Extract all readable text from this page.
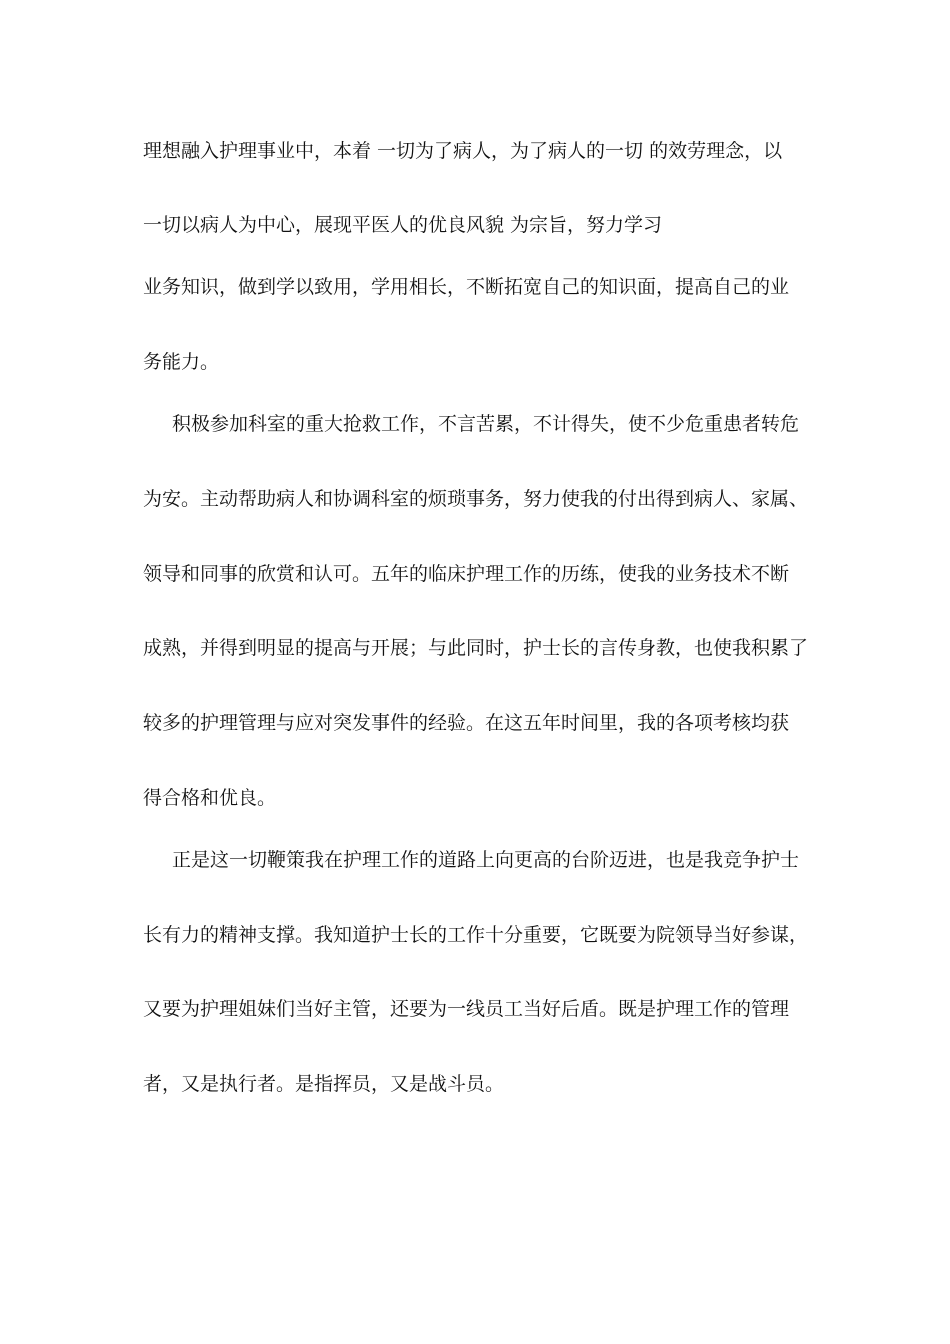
理想融入护理事业中，本着 一切为了病人，为了病人的一切 的效劳理念，以
一切以病人为中心，展现平医人的优良风貌 为宗旨，努力学习
业务知识，做到学以致用，学用相长，不断拓宽自己的知识面，提高自己的业
务能力。
积极参加科室的重大抢救工作，不言苦累，不计得失，使不少危重患者转危
为安。主动帮助病人和协调科室的烦琐事务，努力使我的付出得到病人、家属、
领导和同事的欣赏和认可。五年的临床护理工作的历练，使我的业务技术不断
成熟，并得到明显的提高与开展；与此同时，护士长的言传身教，也使我积累了
较多的护理管理与应对突发事件的经验。在这五年时间里，我的各项考核均获
得合格和优良。
正是这一切鞭策我在护理工作的道路上向更高的台阶迈进，也是我竞争护士
长有力的精神支撑。我知道护士长的工作十分重要，它既要为院领导当好参谋，
又要为护理姐妹们当好主管，还要为一线员工当好后盾。既是护理工作的管理
者，又是执行者。是指挥员，又是战斗员。
